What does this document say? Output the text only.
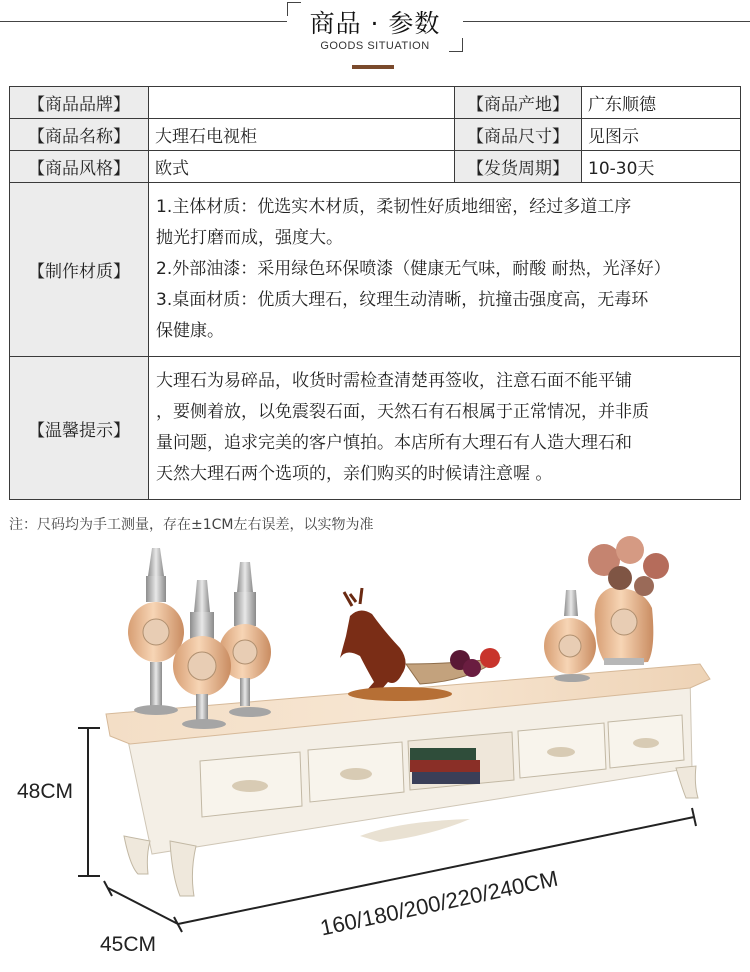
商品 · 参数
GOODS SITUATION
【商品品牌】		【商品产地】	广东顺德
【商品名称】	大理石电视柜	【商品尺寸】	见图示
【商品风格】	欧式	【发货周期】	10-30天
【制作材质】	1.主体材质：优选实木材质，柔韧性好质地细密，经过多道工序
抛光打磨而成，强度大。
2.外部油漆：采用绿色环保喷漆（健康无气味，耐酸 耐热，光泽好）
3.桌面材质：优质大理石，纹理生动清晰，抗撞击强度高，无毒环
保健康。		

【温馨提示】	大理石为易碎品，收货时需检查清楚再签收，注意石面不能平铺
，要侧着放，以免震裂石面，天然石有石根属于正常情况，并非质
量问题，追求完美的客户慎拍。本店所有大理石有人造大理石和
天然大理石两个选项的，亲们购买的时候请注意喔 。		
注：尺码均为手工测量，存在±1CM左右误差，以实物为准
48CM
45CM
160/180/200/220/240CM
